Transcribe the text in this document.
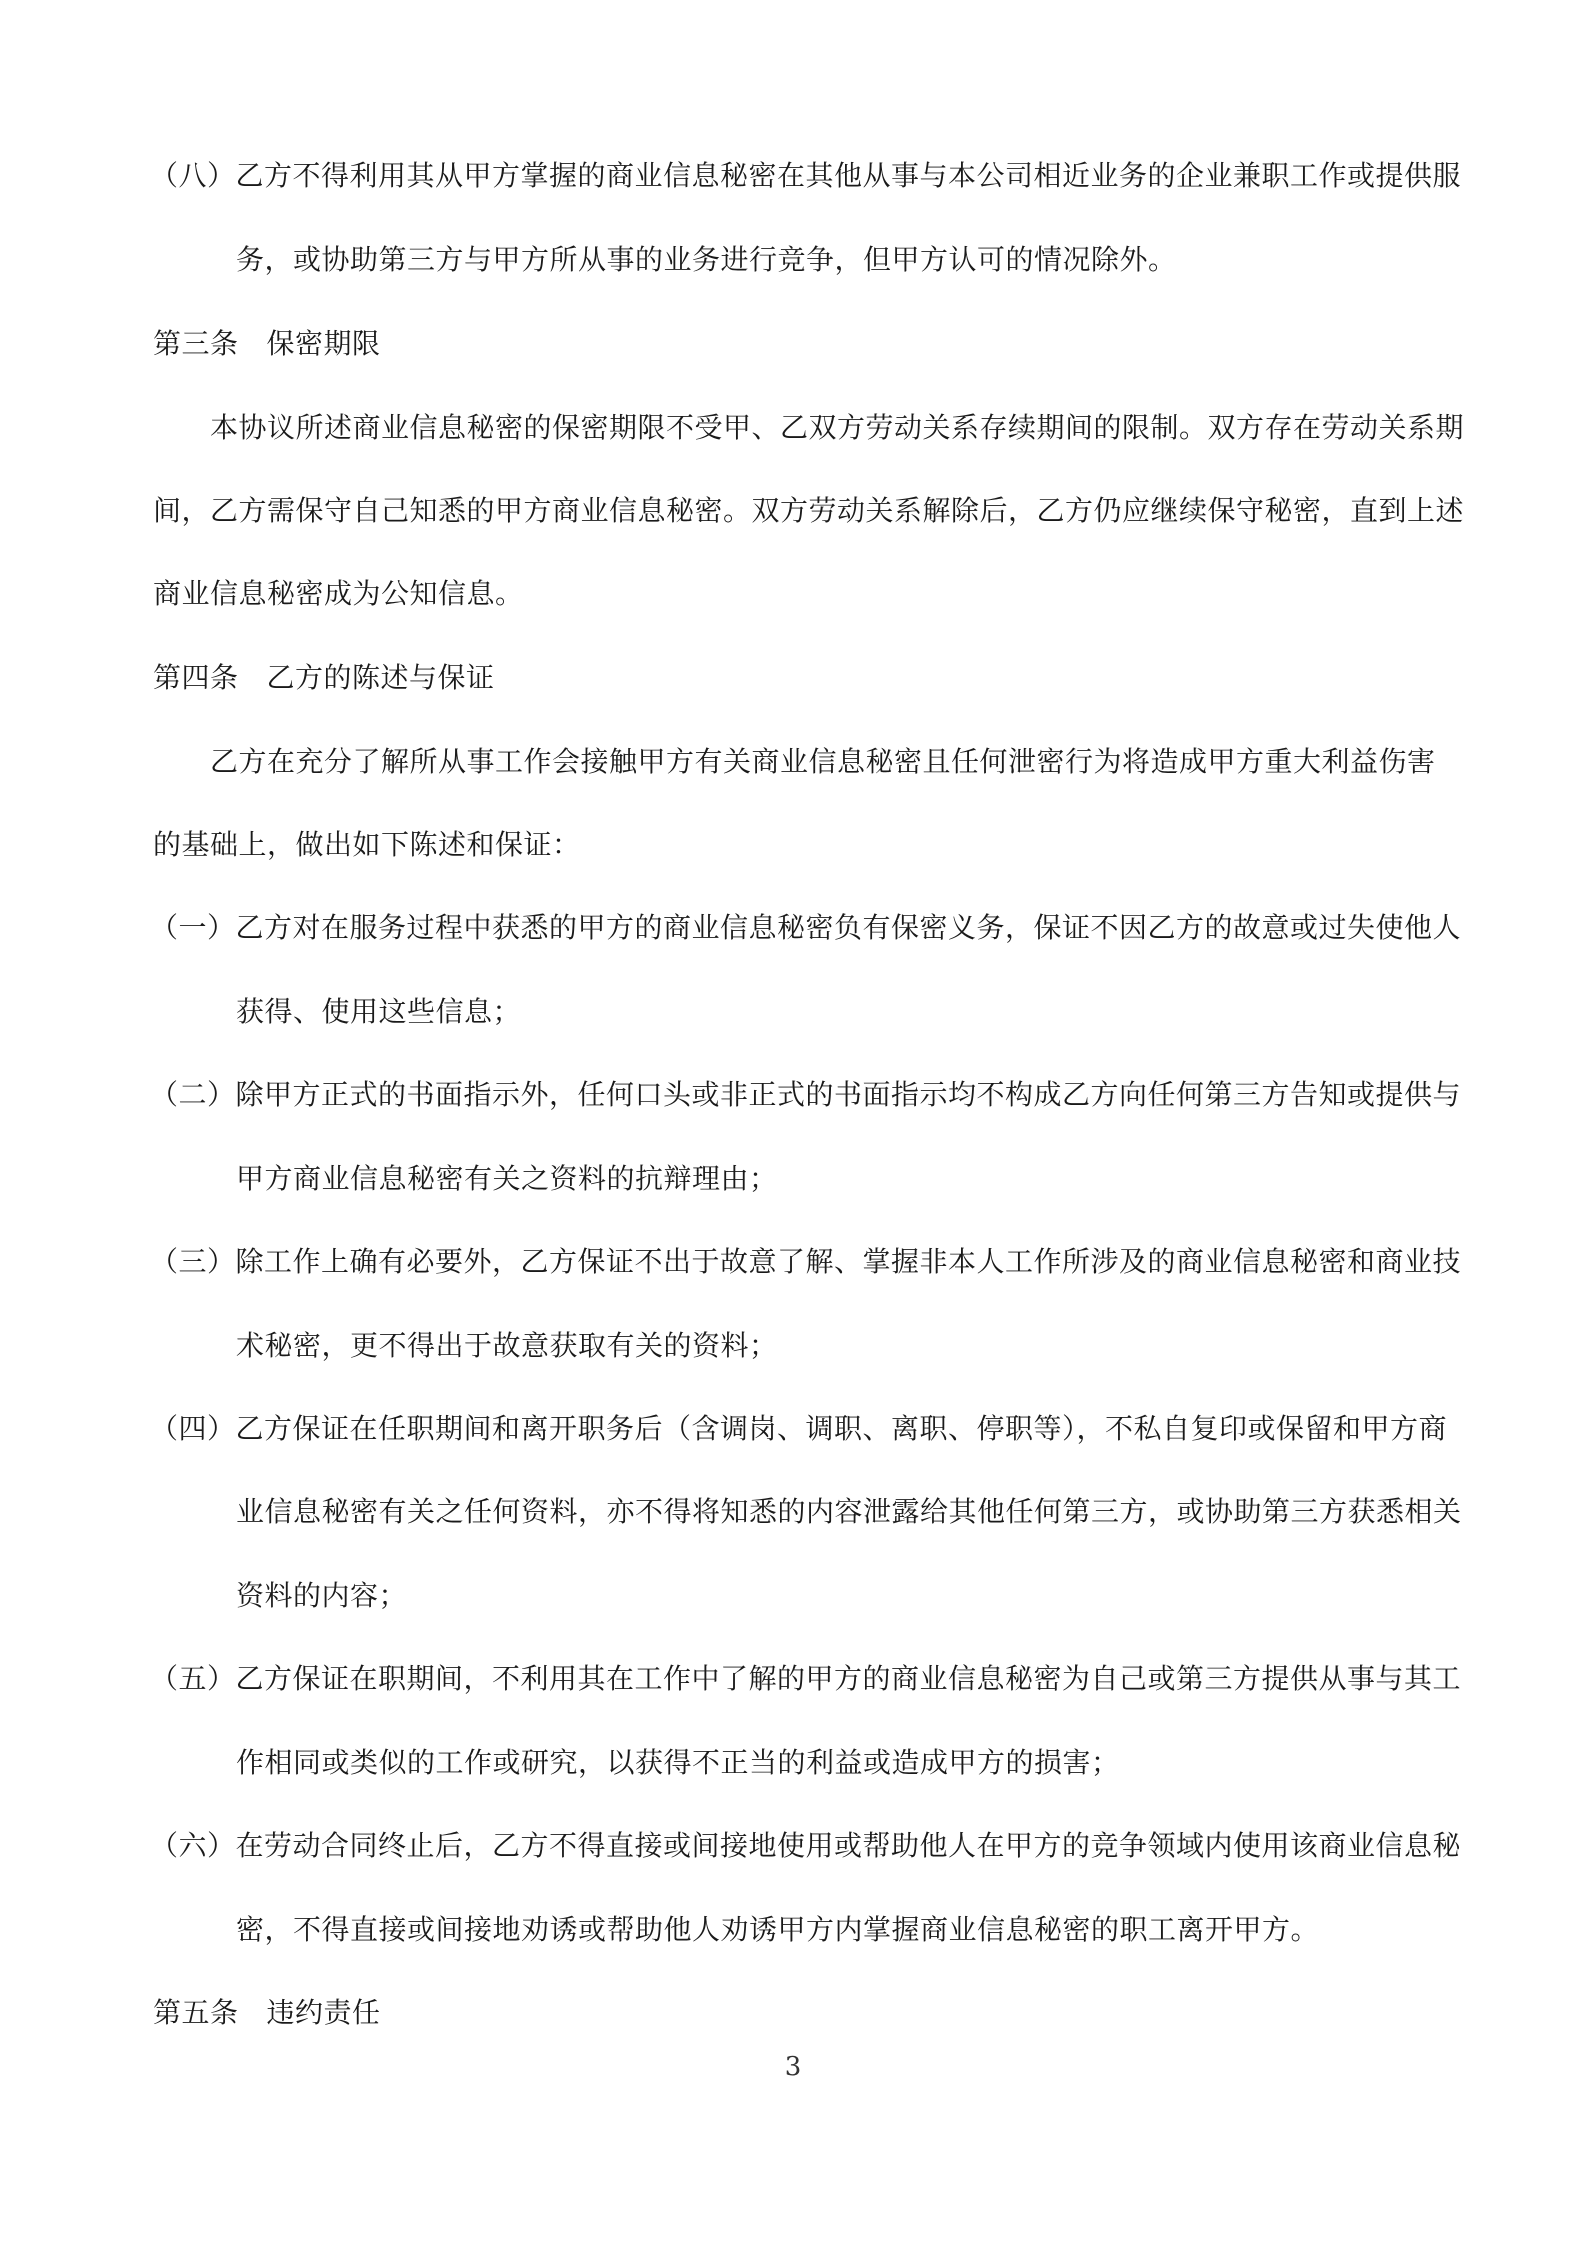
（八）乙方不得利用其从甲方掌握的商业信息秘密在其他从事与本公司相近业务的企业兼职工作或提供服
务，或协助第三方与甲方所从事的业务进行竞争，但甲方认可的情况除外。
第三条 保密期限
本协议所述商业信息秘密的保密期限不受甲、乙双方劳动关系存续期间的限制。双方存在劳动关系期
间，乙方需保守自己知悉的甲方商业信息秘密。双方劳动关系解除后，乙方仍应继续保守秘密，直到上述
商业信息秘密成为公知信息。
第四条 乙方的陈述与保证
乙方在充分了解所从事工作会接触甲方有关商业信息秘密且任何泄密行为将造成甲方重大利益伤害
的基础上，做出如下陈述和保证：
（一）乙方对在服务过程中获悉的甲方的商业信息秘密负有保密义务，保证不因乙方的故意或过失使他人
获得、使用这些信息；
（二）除甲方正式的书面指示外，任何口头或非正式的书面指示均不构成乙方向任何第三方告知或提供与
甲方商业信息秘密有关之资料的抗辩理由；
（三）除工作上确有必要外，乙方保证不出于故意了解、掌握非本人工作所涉及的商业信息秘密和商业技
术秘密，更不得出于故意获取有关的资料；
（四）乙方保证在任职期间和离开职务后（含调岗、调职、离职、停职等），不私自复印或保留和甲方商
业信息秘密有关之任何资料，亦不得将知悉的内容泄露给其他任何第三方，或协助第三方获悉相关
资料的内容；
（五）乙方保证在职期间，不利用其在工作中了解的甲方的商业信息秘密为自己或第三方提供从事与其工
作相同或类似的工作或研究，以获得不正当的利益或造成甲方的损害；
（六）在劳动合同终止后，乙方不得直接或间接地使用或帮助他人在甲方的竞争领域内使用该商业信息秘
密，不得直接或间接地劝诱或帮助他人劝诱甲方内掌握商业信息秘密的职工离开甲方。
第五条 违约责任
3
